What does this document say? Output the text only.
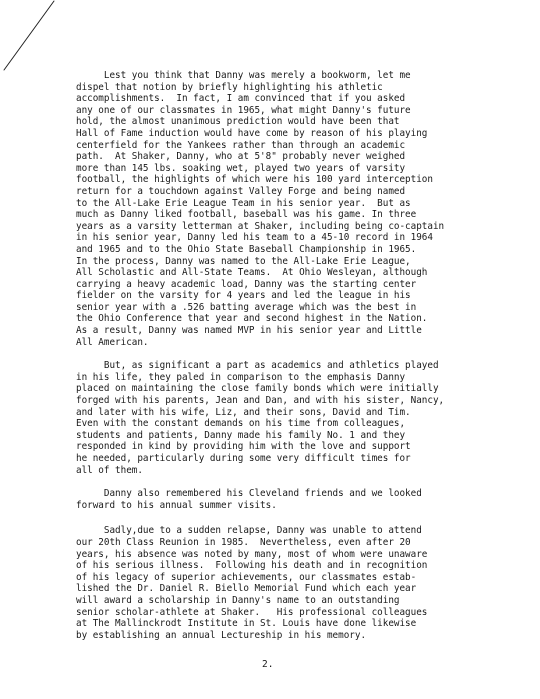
Lest you think that Danny was merely a bookworm, let me
dispel that notion by briefly highlighting his athletic
accomplishments.  In fact, I am convinced that if you asked
any one of our classmates in 1965, what might Danny's future
hold, the almost unanimous prediction would have been that
Hall of Fame induction would have come by reason of his playing
centerfield for the Yankees rather than through an academic
path.  At Shaker, Danny, who at 5'8" probably never weighed
more than 145 lbs. soaking wet, played two years of varsity
football, the highlights of which were his 100 yard interception
return for a touchdown against Valley Forge and being named
to the All-Lake Erie League Team in his senior year.  But as
much as Danny liked football, baseball was his game. In three
years as a varsity letterman at Shaker, including being co-captain
in his senior year, Danny led his team to a 45-10 record in 1964
and 1965 and to the Ohio State Baseball Championship in 1965.
In the process, Danny was named to the All-Lake Erie League,
All Scholastic and All-State Teams.  At Ohio Wesleyan, although
carrying a heavy academic load, Danny was the starting center
fielder on the varsity for 4 years and led the league in his
senior year with a .526 batting average which was the best in
the Ohio Conference that year and second highest in the Nation.
As a result, Danny was named MVP in his senior year and Little
All American.
But, as significant a part as academics and athletics played
in his life, they paled in comparison to the emphasis Danny
placed on maintaining the close family bonds which were initially
forged with his parents, Jean and Dan, and with his sister, Nancy,
and later with his wife, Liz, and their sons, David and Tim.
Even with the constant demands on his time from colleagues,
students and patients, Danny made his family No. 1 and they
responded in kind by providing him with the love and support
he needed, particularly during some very difficult times for
all of them.
Danny also remembered his Cleveland friends and we looked
forward to his annual summer visits.
Sadly,due to a sudden relapse, Danny was unable to attend
our 20th Class Reunion in 1985.  Nevertheless, even after 20
years, his absence was noted by many, most of whom were unaware
of his serious illness.  Following his death and in recognition
of his legacy of superior achievements, our classmates estab-
lished the Dr. Daniel R. Biello Memorial Fund which each year
will award a scholarship in Danny's name to an outstanding
senior scholar-athlete at Shaker.   His professional colleagues
at The Mallinckrodt Institute in St. Louis have done likewise
by establishing an annual Lectureship in his memory.
2.
